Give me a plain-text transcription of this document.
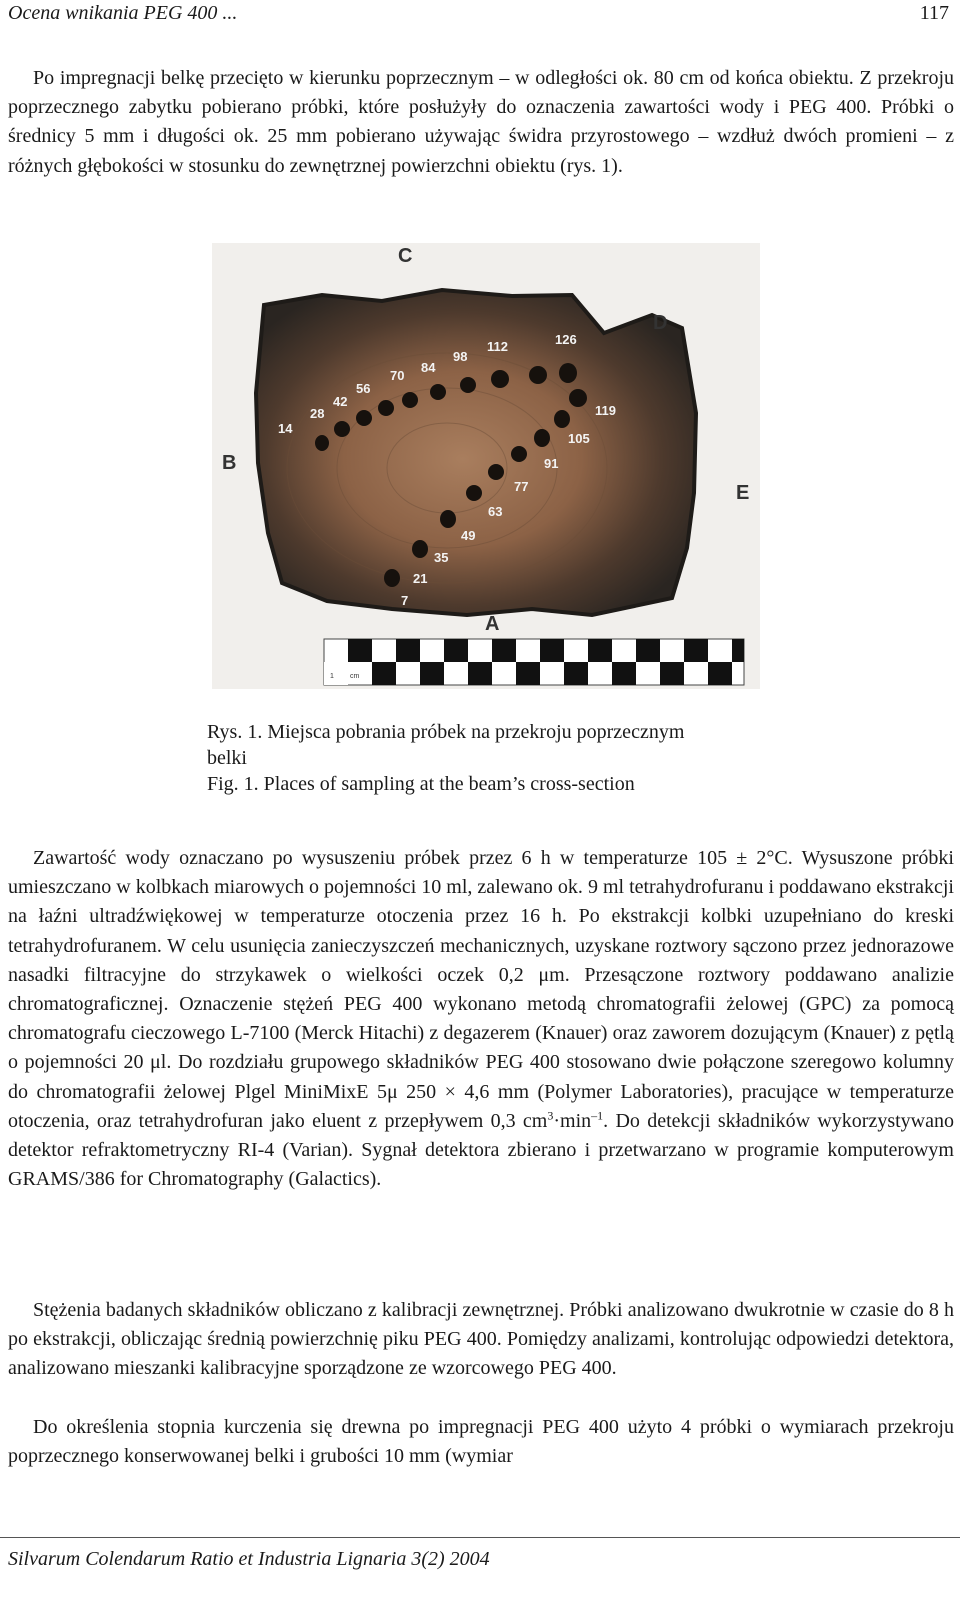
Ocena wnikania PEG 400 ...	117

Po impregnacji belkę przecięto w kierunku poprzecznym – w odległości ok. 80 cm od końca obiektu. Z przekroju poprzecznego zabytku pobierano próbki, które posłużyły do oznaczenia zawartości wody i PEG 400. Próbki o średnicy 5 mm i długości ok. 25 mm pobierano używając świdra przyrostowego – wzdłuż dwóch promieni – z różnych głębokości w stosunku do zewnętrznej powierzchni obiektu (rys. 1).

C
D
B
E
A
14
28
42
56
70
84
98
112	126
119
105
91
77
63
49
35
21
7
1 cm
Rys. 1. Miejsca pobrania próbek na przekroju poprzecznym
belki
Fig. 1. Places of sampling at the beam’s cross-section

Zawartość wody oznaczano po wysuszeniu próbek przez 6 h w temperaturze 105 ± 2°C. Wysuszone próbki umieszczano w kolbkach miarowych o pojemności 10 ml, zalewano ok. 9 ml tetrahydrofuranu i poddawano ekstrakcji na łaźni ultradźwiękowej w temperaturze otoczenia przez 16 h. Po ekstrakcji kolbki uzupełniano do kreski tetrahydrofuranem. W celu usunięcia zanieczyszczeń mechanicznych, uzyskane roztwory sączono przez jednorazowe nasadki filtracyjne do strzykawek o wielkości oczek 0,2 μm. Przesączone roztwory poddawano analizie chromatograficznej. Oznaczenie stężeń PEG 400 wykonano metodą chromatografii żelowej (GPC) za pomocą chromatografu cieczowego L-7100 (Merck Hitachi) z degazerem (Knauer) oraz zaworem dozującym (Knauer) z pętlą o pojemności 20 μl. Do rozdziału grupowego składników PEG 400 stosowano dwie połączone szeregowo kolumny do chromatografii żelowej Plgel MiniMixE 5μ 250 × 4,6 mm (Polymer Laboratories), pracujące w temperaturze otoczenia, oraz tetrahydrofuran jako eluent z przepływem 0,3 $cm^3\cdot\min^{-1}$. Do detekcji składników wykorzystywano detektor refraktometryczny RI-4 (Varian). Sygnał detektora zbierano i przetwarzano w programie komputerowym GRAMS/386 for Chromatography (Galactics).

Stężenia badanych składników obliczano z kalibracji zewnętrznej. Próbki analizowano dwukrotnie w czasie do 8 h po ekstrakcji, obliczając średnią powierzchnię piku PEG 400. Pomiędzy analizami, kontrolując odpowiedzi detektora, analizowano mieszanki kalibracyjne sporządzone ze wzorcowego PEG 400.

Do określenia stopnia kurczenia się drewna po impregnacji PEG 400 użyto 4 próbki o wymiarach przekroju poprzecznego konserwowanej belki i grubości 10 mm (wymiar

Silvarum Colendarum Ratio et Industria Lignaria 3(2) 2004
